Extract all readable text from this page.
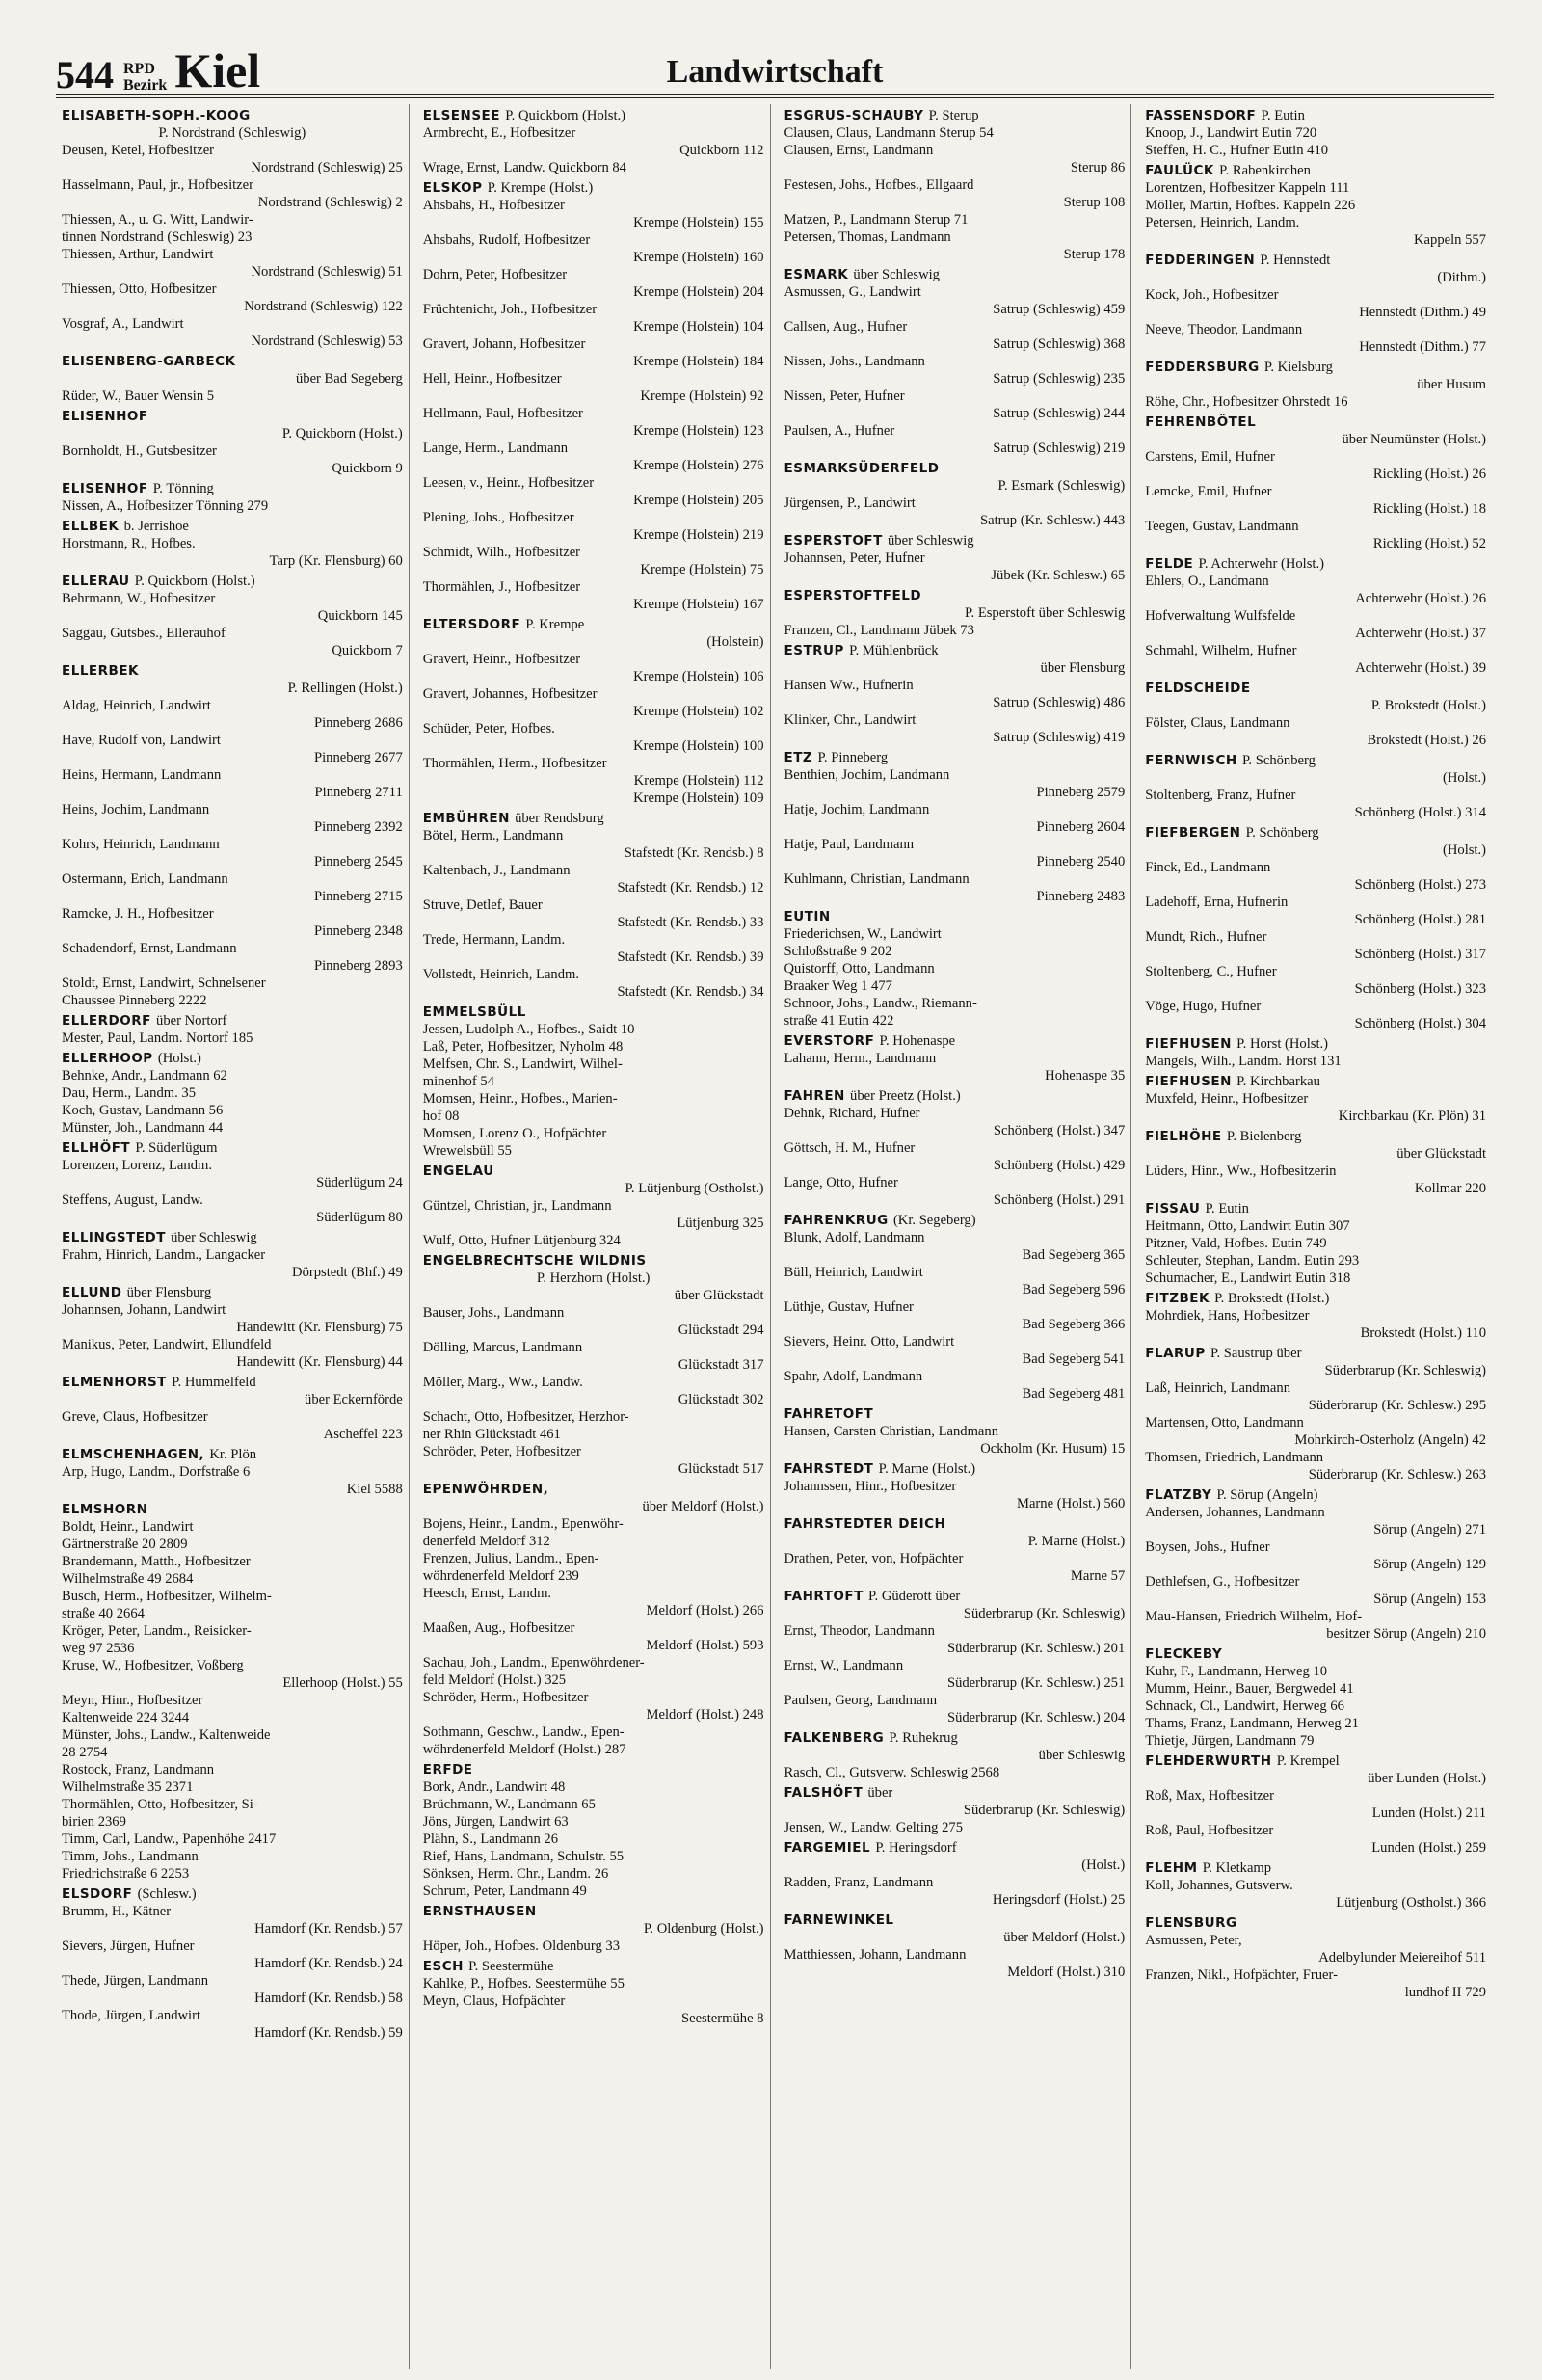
544 RPD
Bezirk Kiel	Landwirtschaft
ELISABETH-SOPH.-KOOG
P. Nordstrand (Schleswig)
Deusen, Ketel, Hofbesitzer
Nordstrand (Schleswig) 25
Hasselmann, Paul, jr., Hofbesitzer
Nordstrand (Schleswig) 2
Thiessen, A., u. G. Witt, Landwir-
tinnen Nordstrand (Schleswig) 23
Thiessen, Arthur, Landwirt
Nordstrand (Schleswig) 51
Thiessen, Otto, Hofbesitzer
Nordstrand (Schleswig) 122
Vosgraf, A., Landwirt
Nordstrand (Schleswig) 53
ELISENBERG-GARBECK
über Bad Segeberg
Rüder, W., Bauer Wensin 5
ELISENHOF
P. Quickborn (Holst.)
Bornholdt, H., Gutsbesitzer
Quickborn 9
ELISENHOF P. Tönning
Nissen, A., Hofbesitzer Tönning 279
ELLBEK b. Jerrishoe
Horstmann, R., Hofbes.
Tarp (Kr. Flensburg) 60
ELLERAU P. Quickborn (Holst.)
Behrmann, W., Hofbesitzer
Quickborn 145
Saggau, Gutsbes., Ellerauhof
Quickborn 7
ELLERBEK
P. Rellingen (Holst.)
Aldag, Heinrich, Landwirt
Pinneberg 2686
Have, Rudolf von, Landwirt
Pinneberg 2677
Heins, Hermann, Landmann
Pinneberg 2711
Heins, Jochim, Landmann
Pinneberg 2392
Kohrs, Heinrich, Landmann
Pinneberg 2545
Ostermann, Erich, Landmann
Pinneberg 2715
Ramcke, J. H., Hofbesitzer
Pinneberg 2348
Schadendorf, Ernst, Landmann
Pinneberg 2893
Stoldt, Ernst, Landwirt, Schnelsener
Chaussee Pinneberg 2222
ELLERDORF über Nortorf
Mester, Paul, Landm. Nortorf 185
ELLERHOOP (Holst.)
Behnke, Andr., Landmann 62
Dau, Herm., Landm. 35
Koch, Gustav, Landmann 56
Münster, Joh., Landmann 44
ELLHÖFT P. Süderlügum
Lorenzen, Lorenz, Landm.
Süderlügum 24
Steffens, August, Landw.
Süderlügum 80
ELLINGSTEDT über Schleswig
Frahm, Hinrich, Landm., Langacker
Dörpstedt (Bhf.) 49
ELLUND über Flensburg
Johannsen, Johann, Landwirt
Handewitt (Kr. Flensburg) 75
Manikus, Peter, Landwirt, Ellundfeld
Handewitt (Kr. Flensburg) 44
ELMENHORST P. Hummelfeld
über Eckernförde
Greve, Claus, Hofbesitzer
Ascheffel 223
ELMSCHENHAGEN, Kr. Plön
Arp, Hugo, Landm., Dorfstraße 6
Kiel 5588
ELMSHORN
Boldt, Heinr., Landwirt
Gärtnerstraße 20 2809
Brandemann, Matth., Hofbesitzer
Wilhelmstraße 49 2684
Busch, Herm., Hofbesitzer, Wilhelm-
straße 40 2664
Kröger, Peter, Landm., Reisicker-
weg 97 2536
Kruse, W., Hofbesitzer, Voßberg
Ellerhoop (Holst.) 55
Meyn, Hinr., Hofbesitzer
Kaltenweide 224 3244
Münster, Johs., Landw., Kaltenweide
28 2754
Rostock, Franz, Landmann
Wilhelmstraße 35 2371
Thormählen, Otto, Hofbesitzer, Si-
birien 2369
Timm, Carl, Landw., Papenhöhe 2417
Timm, Johs., Landmann
Friedrichstraße 6 2253
ELSDORF (Schlesw.)
Brumm, H., Kätner
Hamdorf (Kr. Rendsb.) 57
Sievers, Jürgen, Hufner
Hamdorf (Kr. Rendsb.) 24
Thede, Jürgen, Landmann
Hamdorf (Kr. Rendsb.) 58
Thode, Jürgen, Landwirt
Hamdorf (Kr. Rendsb.) 59
ELSENSEE P. Quickborn (Holst.)
Armbrecht, E., Hofbesitzer
Quickborn 112
Wrage, Ernst, Landw. Quickborn 84
ELSKOP P. Krempe (Holst.)
Ahsbahs, H., Hofbesitzer
Krempe (Holstein) 155
Ahsbahs, Rudolf, Hofbesitzer
Krempe (Holstein) 160
Dohrn, Peter, Hofbesitzer
Krempe (Holstein) 204
Früchtenicht, Joh., Hofbesitzer
Krempe (Holstein) 104
Gravert, Johann, Hofbesitzer
Krempe (Holstein) 184
Hell, Heinr., Hofbesitzer
Krempe (Holstein) 92
Hellmann, Paul, Hofbesitzer
Krempe (Holstein) 123
Lange, Herm., Landmann
Krempe (Holstein) 276
Leesen, v., Heinr., Hofbesitzer
Krempe (Holstein) 205
Plening, Johs., Hofbesitzer
Krempe (Holstein) 219
Schmidt, Wilh., Hofbesitzer
Krempe (Holstein) 75
Thormählen, J., Hofbesitzer
Krempe (Holstein) 167
ELTERSDORF P. Krempe
(Holstein)
Gravert, Heinr., Hofbesitzer
Krempe (Holstein) 106
Gravert, Johannes, Hofbesitzer
Krempe (Holstein) 102
Schüder, Peter, Hofbes.
Krempe (Holstein) 100
Thormählen, Herm., Hofbesitzer
Krempe (Holstein) 112
Krempe (Holstein) 109
EMBÜHREN über Rendsburg
Bötel, Herm., Landmann
Stafstedt (Kr. Rendsb.) 8
Kaltenbach, J., Landmann
Stafstedt (Kr. Rendsb.) 12
Struve, Detlef, Bauer
Stafstedt (Kr. Rendsb.) 33
Trede, Hermann, Landm.
Stafstedt (Kr. Rendsb.) 39
Vollstedt, Heinrich, Landm.
Stafstedt (Kr. Rendsb.) 34
EMMELSBÜLL
Jessen, Ludolph A., Hofbes., Saidt 10
Laß, Peter, Hofbesitzer, Nyholm 48
Melfsen, Chr. S., Landwirt, Wilhel-
minenhof 54
Momsen, Heinr., Hofbes., Marien-
hof 08
Momsen, Lorenz O., Hofpächter
Wrewelsbüll 55
ENGELAU
P. Lütjenburg (Ostholst.)
Güntzel, Christian, jr., Landmann
Lütjenburg 325
Wulf, Otto, Hufner Lütjenburg 324
ENGELBRECHTSCHE WILDNIS
P. Herzhorn (Holst.)
über Glückstadt
Bauser, Johs., Landmann
Glückstadt 294
Dölling, Marcus, Landmann
Glückstadt 317
Möller, Marg., Ww., Landw.
Glückstadt 302
Schacht, Otto, Hofbesitzer, Herzhor-
ner Rhin Glückstadt 461
Schröder, Peter, Hofbesitzer
Glückstadt 517
EPENWÖHRDEN,
über Meldorf (Holst.)
Bojens, Heinr., Landm., Epenwöhr-
denerfeld Meldorf 312
Frenzen, Julius, Landm., Epen-
wöhrdenerfeld Meldorf 239
Heesch, Ernst, Landm.
Meldorf (Holst.) 266
Maaßen, Aug., Hofbesitzer
Meldorf (Holst.) 593
Sachau, Joh., Landm., Epenwöhrdener-
feld Meldorf (Holst.) 325
Schröder, Herm., Hofbesitzer
Meldorf (Holst.) 248
Sothmann, Geschw., Landw., Epen-
wöhrdenerfeld Meldorf (Holst.) 287
ERFDE
Bork, Andr., Landwirt 48
Brüchmann, W., Landmann 65
Jöns, Jürgen, Landwirt 63
Plähn, S., Landmann 26
Rief, Hans, Landmann, Schulstr. 55
Sönksen, Herm. Chr., Landm. 26
Schrum, Peter, Landmann 49
ERNSTHAUSEN
P. Oldenburg (Holst.)
Höper, Joh., Hofbes. Oldenburg 33
ESCH P. Seestermühe
Kahlke, P., Hofbes. Seestermühe 55
Meyn, Claus, Hofpächter
Seestermühe 8
ESGRUS-SCHAUBY P. Sterup
Clausen, Claus, Landmann Sterup 54
Clausen, Ernst, Landmann
Sterup 86
Festesen, Johs., Hofbes., Ellgaard
Sterup 108
Matzen, P., Landmann Sterup 71
Petersen, Thomas, Landmann
Sterup 178
ESMARK über Schleswig
Asmussen, G., Landwirt
Satrup (Schleswig) 459
Callsen, Aug., Hufner
Satrup (Schleswig) 368
Nissen, Johs., Landmann
Satrup (Schleswig) 235
Nissen, Peter, Hufner
Satrup (Schleswig) 244
Paulsen, A., Hufner
Satrup (Schleswig) 219
ESMARKSÜDERFELD
P. Esmark (Schleswig)
Jürgensen, P., Landwirt
Satrup (Kr. Schlesw.) 443
ESPERSTOFT über Schleswig
Johannsen, Peter, Hufner
Jübek (Kr. Schlesw.) 65
ESPERSTOFTFELD
P. Esperstoft über Schleswig
Franzen, Cl., Landmann Jübek 73
ESTRUP P. Mühlenbrück
über Flensburg
Hansen Ww., Hufnerin
Satrup (Schleswig) 486
Klinker, Chr., Landwirt
Satrup (Schleswig) 419
ETZ P. Pinneberg
Benthien, Jochim, Landmann
Pinneberg 2579
Hatje, Jochim, Landmann
Pinneberg 2604
Hatje, Paul, Landmann
Pinneberg 2540
Kuhlmann, Christian, Landmann
Pinneberg 2483
EUTIN
Friederichsen, W., Landwirt
Schloßstraße 9 202
Quistorff, Otto, Landmann
Braaker Weg 1 477
Schnoor, Johs., Landw., Riemann-
straße 41 Eutin 422
EVERSTORF P. Hohenaspe
Lahann, Herm., Landmann
Hohenaspe 35
FAHREN über Preetz (Holst.)
Dehnk, Richard, Hufner
Schönberg (Holst.) 347
Göttsch, H. M., Hufner
Schönberg (Holst.) 429
Lange, Otto, Hufner
Schönberg (Holst.) 291
FAHRENKRUG (Kr. Segeberg)
Blunk, Adolf, Landmann
Bad Segeberg 365
Büll, Heinrich, Landwirt
Bad Segeberg 596
Lüthje, Gustav, Hufner
Bad Segeberg 366
Sievers, Heinr. Otto, Landwirt
Bad Segeberg 541
Spahr, Adolf, Landmann
Bad Segeberg 481
FAHRETOFT
Hansen, Carsten Christian, Landmann
Ockholm (Kr. Husum) 15
FAHRSTEDT P. Marne (Holst.)
Johannssen, Hinr., Hofbesitzer
Marne (Holst.) 560
FAHRSTEDTER DEICH
P. Marne (Holst.)
Drathen, Peter, von, Hofpächter
Marne 57
FAHRTOFT P. Güderott über
Süderbrarup (Kr. Schleswig)
Ernst, Theodor, Landmann
Süderbrarup (Kr. Schlesw.) 201
Ernst, W., Landmann
Süderbrarup (Kr. Schlesw.) 251
Paulsen, Georg, Landmann
Süderbrarup (Kr. Schlesw.) 204
FALKENBERG P. Ruhekrug
über Schleswig
Rasch, Cl., Gutsverw. Schleswig 2568
FALSHÖFT über
Süderbrarup (Kr. Schleswig)
Jensen, W., Landw. Gelting 275
FARGEMIEL P. Heringsdorf
(Holst.)
Radden, Franz, Landmann
Heringsdorf (Holst.) 25
FARNEWINKEL
über Meldorf (Holst.)
Matthiessen, Johann, Landmann
Meldorf (Holst.) 310
FASSENSDORF P. Eutin
Knoop, J., Landwirt Eutin 720
Steffen, H. C., Hufner Eutin 410
FAULÜCK P. Rabenkirchen
Lorentzen, Hofbesitzer Kappeln 111
Möller, Martin, Hofbes. Kappeln 226
Petersen, Heinrich, Landm.
Kappeln 557
FEDDERINGEN P. Hennstedt
(Dithm.)
Kock, Joh., Hofbesitzer
Hennstedt (Dithm.) 49
Neeve, Theodor, Landmann
Hennstedt (Dithm.) 77
FEDDERSBURG P. Kielsburg
über Husum
Röhe, Chr., Hofbesitzer Ohrstedt 16
FEHRENBÖTEL
über Neumünster (Holst.)
Carstens, Emil, Hufner
Rickling (Holst.) 26
Lemcke, Emil, Hufner
Rickling (Holst.) 18
Teegen, Gustav, Landmann
Rickling (Holst.) 52
FELDE P. Achterwehr (Holst.)
Ehlers, O., Landmann
Achterwehr (Holst.) 26
Hofverwaltung Wulfsfelde
Achterwehr (Holst.) 37
Schmahl, Wilhelm, Hufner
Achterwehr (Holst.) 39
FELDSCHEIDE
P. Brokstedt (Holst.)
Fölster, Claus, Landmann
Brokstedt (Holst.) 26
FERNWISCH P. Schönberg
(Holst.)
Stoltenberg, Franz, Hufner
Schönberg (Holst.) 314
FIEFBERGEN P. Schönberg
(Holst.)
Finck, Ed., Landmann
Schönberg (Holst.) 273
Ladehoff, Erna, Hufnerin
Schönberg (Holst.) 281
Mundt, Rich., Hufner
Schönberg (Holst.) 317
Stoltenberg, C., Hufner
Schönberg (Holst.) 323
Vöge, Hugo, Hufner
Schönberg (Holst.) 304
FIEFHUSEN P. Horst (Holst.)
Mangels, Wilh., Landm. Horst 131
FIEFHUSEN P. Kirchbarkau
Muxfeld, Heinr., Hofbesitzer
Kirchbarkau (Kr. Plön) 31
FIELHÖHE P. Bielenberg
über Glückstadt
Lüders, Hinr., Ww., Hofbesitzerin
Kollmar 220
FISSAU P. Eutin
Heitmann, Otto, Landwirt Eutin 307
Pitzner, Vald, Hofbes. Eutin 749
Schleuter, Stephan, Landm. Eutin 293
Schumacher, E., Landwirt Eutin 318
FITZBEK P. Brokstedt (Holst.)
Mohrdiek, Hans, Hofbesitzer
Brokstedt (Holst.) 110
FLARUP P. Saustrup über
Süderbrarup (Kr. Schleswig)
Laß, Heinrich, Landmann
Süderbrarup (Kr. Schlesw.) 295
Martensen, Otto, Landmann
Mohrkirch-Osterholz (Angeln) 42
Thomsen, Friedrich, Landmann
Süderbrarup (Kr. Schlesw.) 263
FLATZBY P. Sörup (Angeln)
Andersen, Johannes, Landmann
Sörup (Angeln) 271
Boysen, Johs., Hufner
Sörup (Angeln) 129
Dethlefsen, G., Hofbesitzer
Sörup (Angeln) 153
Mau-Hansen, Friedrich Wilhelm, Hof-
besitzer Sörup (Angeln) 210
FLECKEBY
Kuhr, F., Landmann, Herweg 10
Mumm, Heinr., Bauer, Bergwedel 41
Schnack, Cl., Landwirt, Herweg 66
Thams, Franz, Landmann, Herweg 21
Thietje, Jürgen, Landmann 79
FLEHDERWURTH P. Krempel
über Lunden (Holst.)
Roß, Max, Hofbesitzer
Lunden (Holst.) 211
Roß, Paul, Hofbesitzer
Lunden (Holst.) 259
FLEHM P. Kletkamp
Koll, Johannes, Gutsverw.
Lütjenburg (Ostholst.) 366
FLENSBURG
Asmussen, Peter,
Adelbylunder Meiereihof 511
Franzen, Nikl., Hofpächter, Fruer-
lundhof II 729
